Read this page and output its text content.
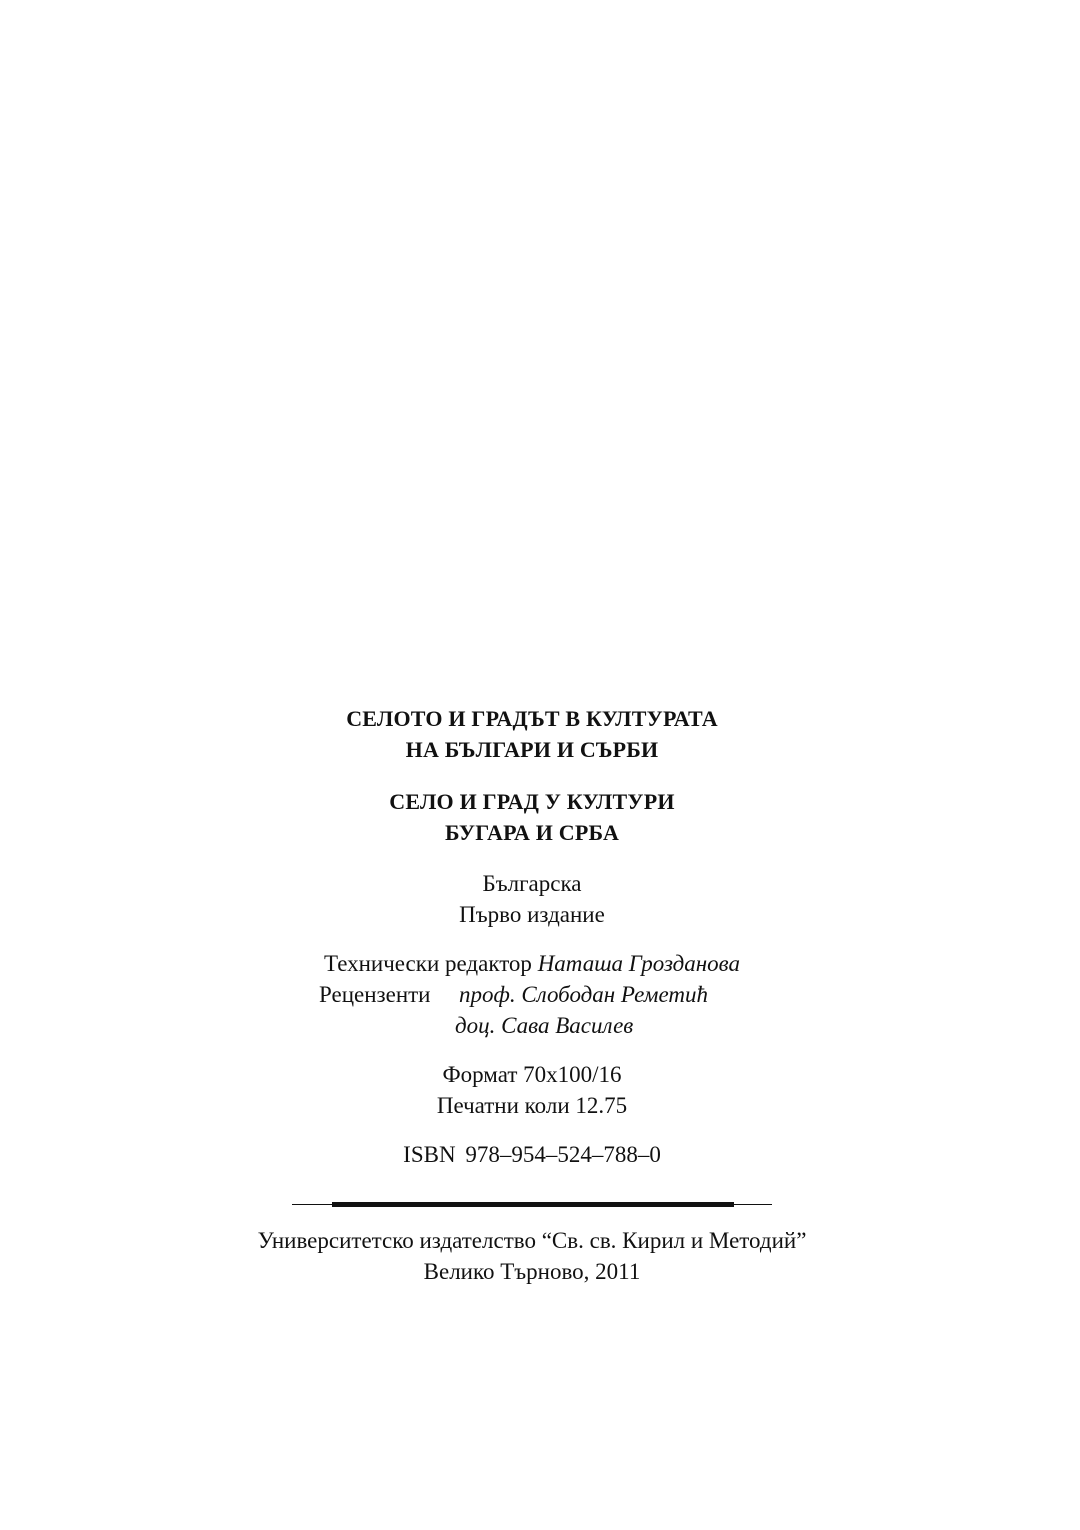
СЕЛОТО И ГРАДЪТ В КУЛТУРАТА
НА БЪЛГАРИ И СЪРБИ
СЕЛО И ГРАД У КУЛТУРИ
БУГАРА И СРБА
Българска
Първо издание
Технически редактор Наташа Грозданова
Рецензенти проф. Слободан Реметић
доц. Сава Василев
Формат 70x100/16
Печатни коли 12.75
ISBN 978–954–524–788–0
Университетско издателство “Св. св. Кирил и Методий”
Велико Търново, 2011
